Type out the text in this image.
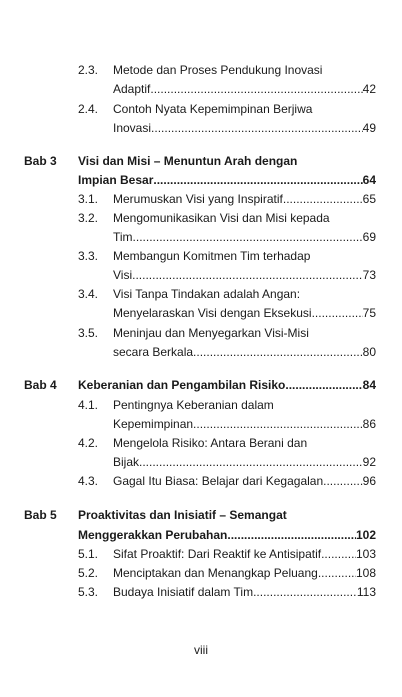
2.3. Metode dan Proses Pendukung Inovasi
Adaptif .....	42
2.4. Contoh Nyata Kepemimpinan Berjiwa
Inovasi .....	49
Bab 3 Visi dan Misi – Menuntun Arah dengan
Impian Besar .....	64
3.1. Merumuskan Visi yang Inspiratif .....	65
3.2. Mengomunikasikan Visi dan Misi kepada
Tim .....	69
3.3. Membangun Komitmen Tim terhadap
Visi .....	73
3.4. Visi Tanpa Tindakan adalah Angan:
Menyelaraskan Visi dengan Eksekusi .....	75
3.5. Meninjau dan Menyegarkan Visi-Misi
secara Berkala .....	80
Bab 4 Keberanian dan Pengambilan Risiko .....	84
4.1. Pentingnya Keberanian dalam
Kepemimpinan .....	86
4.2. Mengelola Risiko: Antara Berani dan
Bijak .....	92
4.3. Gagal Itu Biasa: Belajar dari Kegagalan .....	96
Bab 5 Proaktivitas dan Inisiatif – Semangat
Menggerakkan Perubahan .....	102
5.1. Sifat Proaktif: Dari Reaktif ke Antisipatif .....	103
5.2. Menciptakan dan Menangkap Peluang .....	108
5.3. Budaya Inisiatif dalam Tim .....	113
viii
